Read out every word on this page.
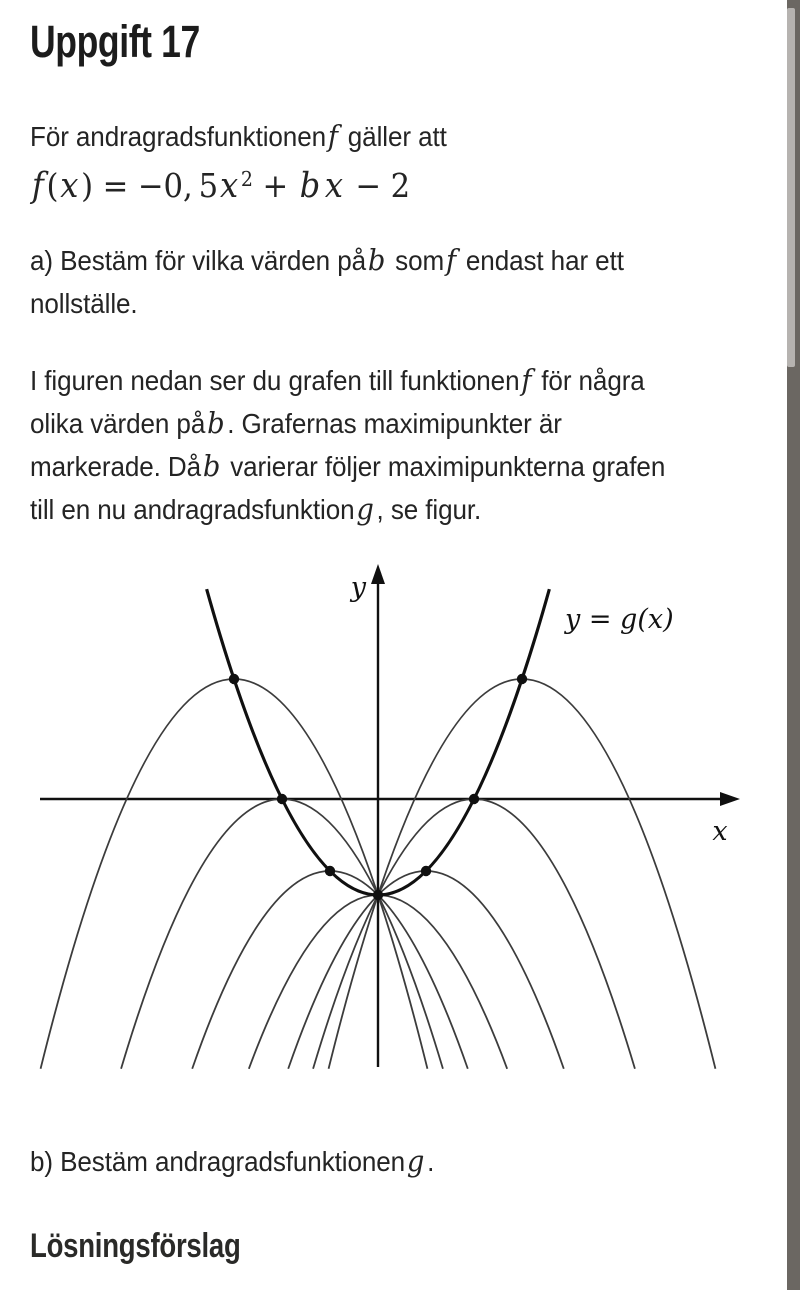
Uppgift 17
För andragradsfunktionenf gäller att
f(x) = −0, 5x $^2$ + b x − 2
a) Bestäm för vilka värden påb somf endast har ett
nollställe.
I figuren nedan ser du grafen till funktionenf för några
olika värden påb. Grafernas maximipunkter är
markerade. Dåb varierar följer maximipunkterna grafen
till en nu andragradsfunktiong, se figur.
y = g(x)
y
x
b) Bestäm andragradsfunktioneng.
Lösningsförslag
